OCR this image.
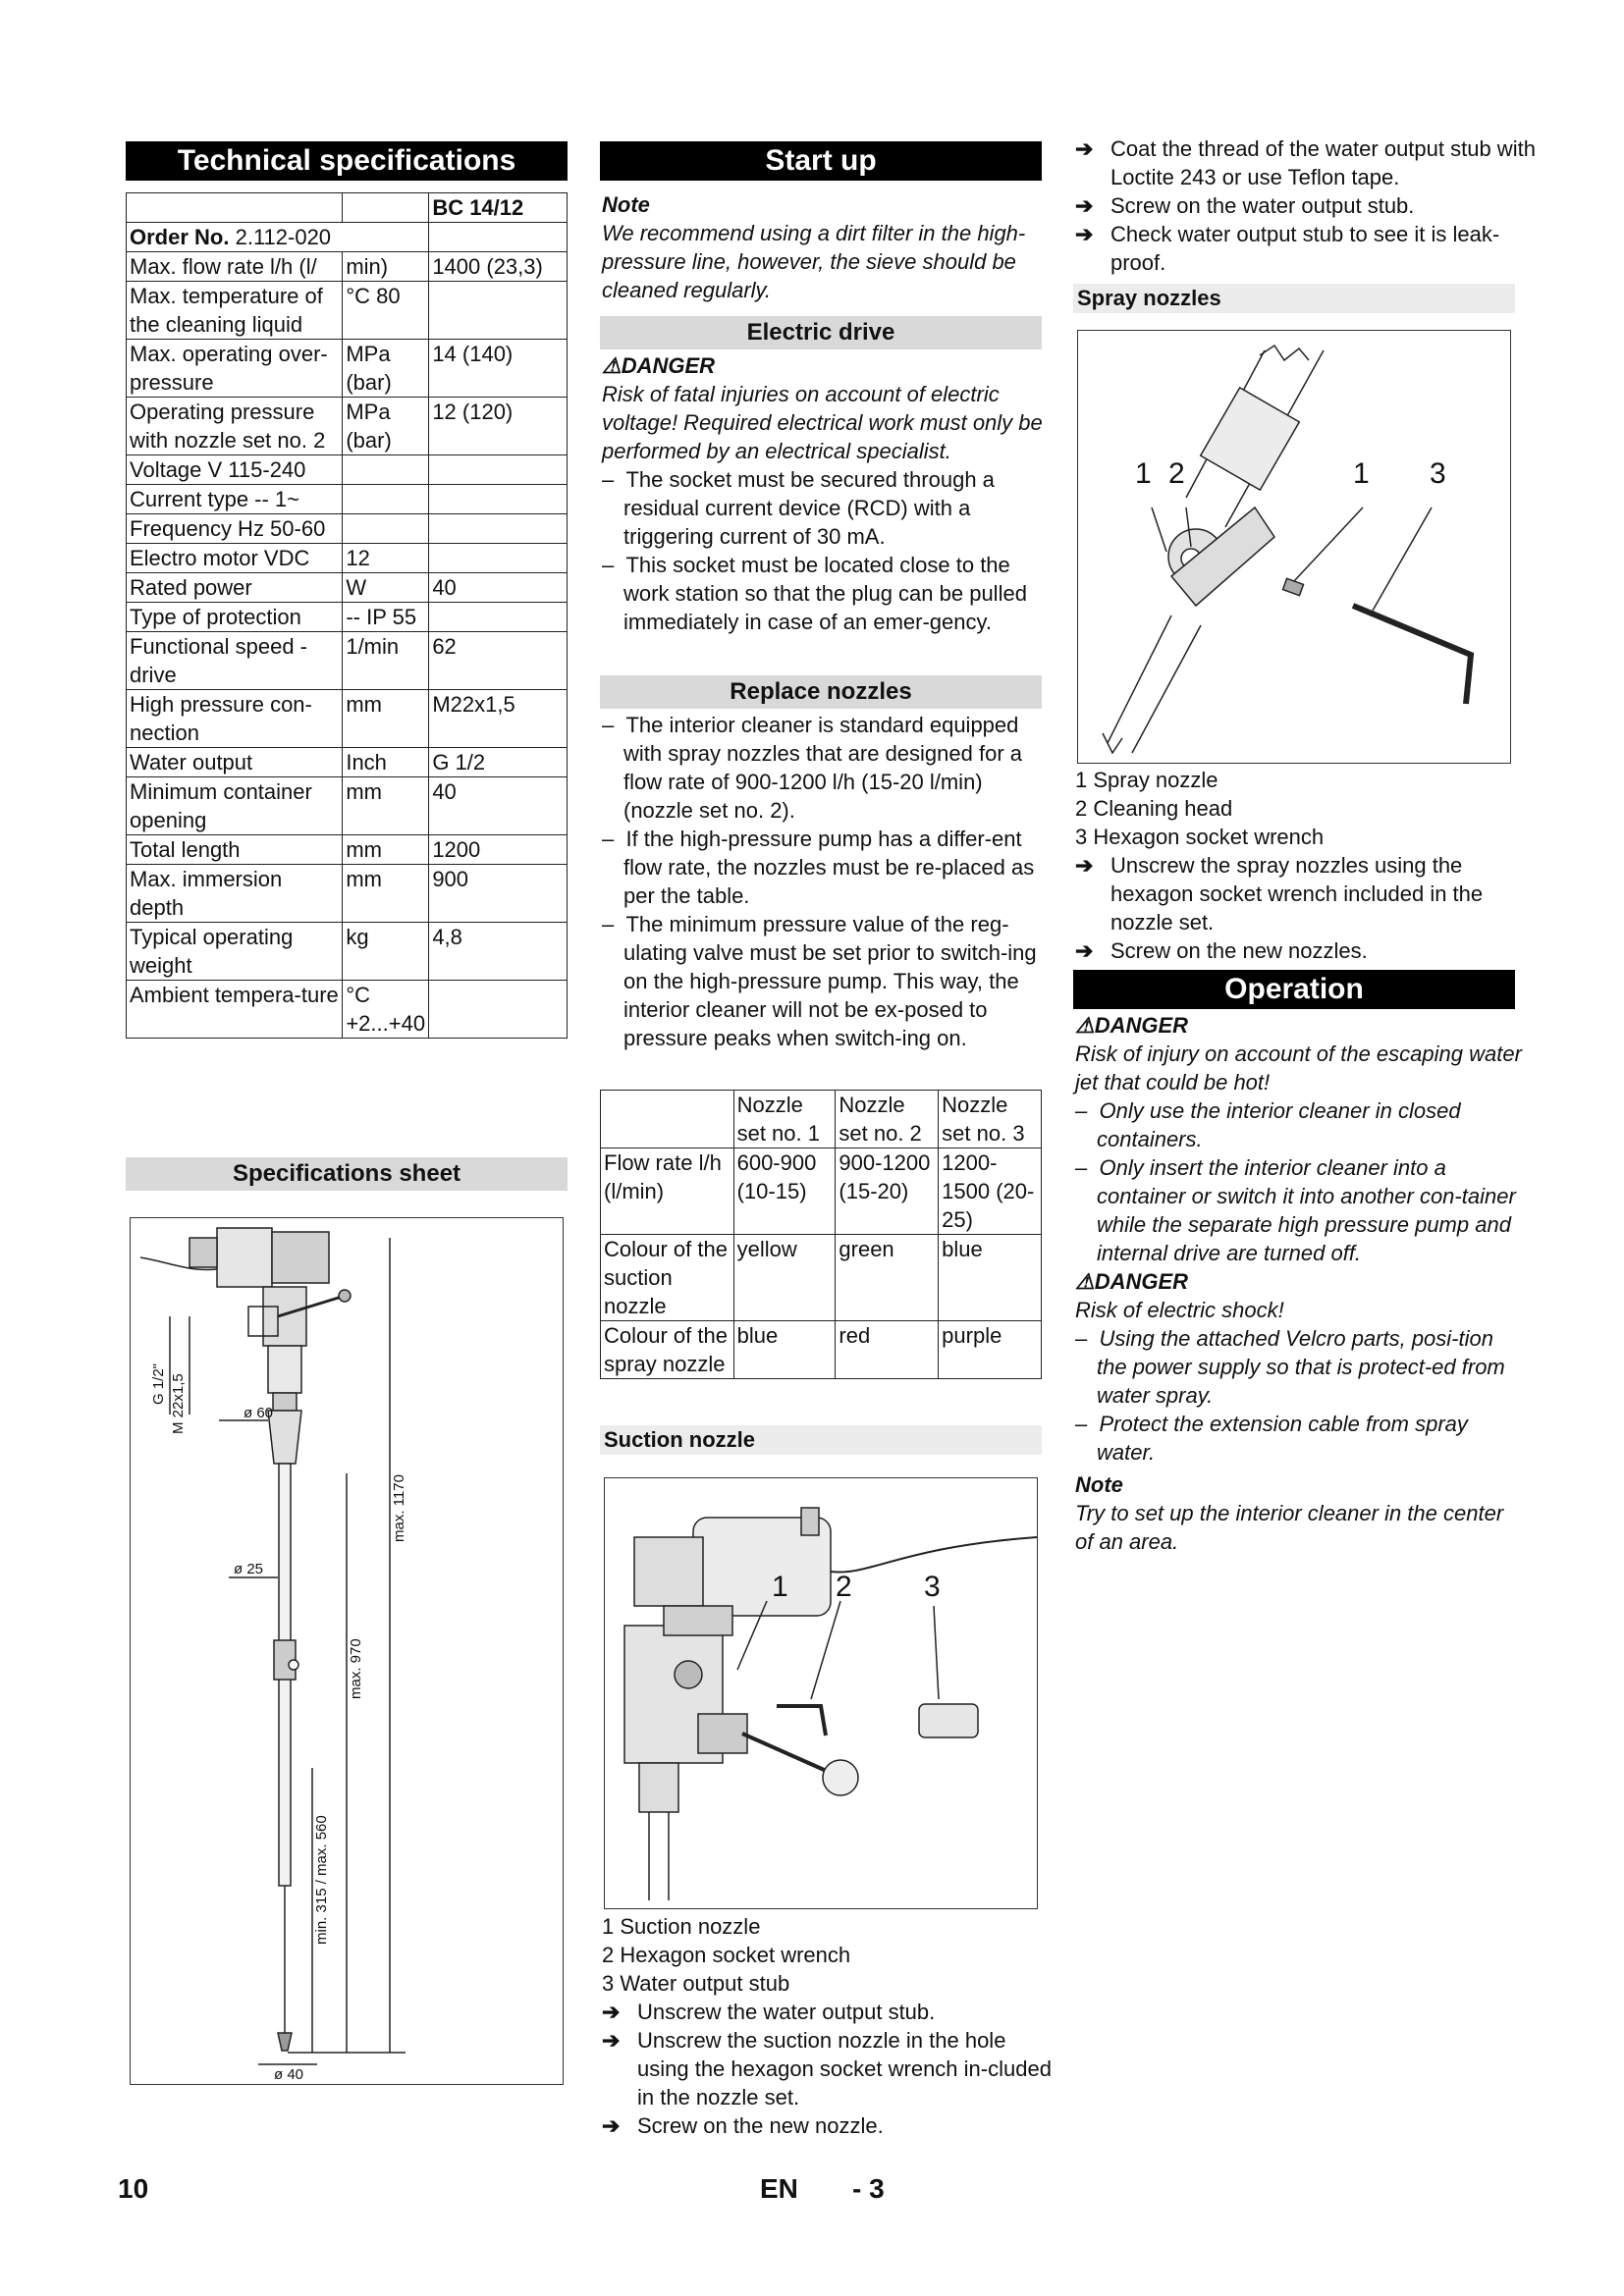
Technical specifications
		BC 14/12
Order No. 2.112-020		
Max. flow rate l/h (l/	min)	1400 (23,3)
Max. temperature of the cleaning liquid	°C 80	
Max. operating over-pressure	MPa (bar)	14 (140)
Operating pressure with nozzle set no. 2	MPa (bar)	12 (120)
Voltage V 115-240		
Current type -- 1~		
Frequency Hz 50-60		
Electro motor VDC	12	
Rated power	W	40
Type of protection	-- IP 55	
Functional speed - drive	1/min	62
High pressure con-nection	mm	M22x1,5
Water output	Inch	G 1/2
Minimum container opening	mm	40
Total length	mm	1200
Max. immersion depth	mm	900
Typical operating weight	kg	4,8
Ambient tempera-ture	°C +2...+40	
Specifications sheet
G 1/2" M 22x1,5	ø 60
ø 25
ø 40
max. 1170
max. 970
min. 315 / max. 560
Start up
Note
We recommend using a dirt filter in the high-pressure line, however, the sieve should be cleaned regularly.
Electric drive
⚠DANGER
Risk of fatal injuries on account of electric voltage! Required electrical work must only be performed by an electrical specialist.
–  The socket must be secured through a residual current device (RCD) with a triggering current of 30 mA.
–  This socket must be located close to the work station so that the plug can be pulled immediately in case of an emer-gency.
Replace nozzles
–  The interior cleaner is standard equipped with spray nozzles that are designed for a flow rate of 900-1200 l/h (15-20 l/min) (nozzle set no. 2).
–  If the high-pressure pump has a differ-ent flow rate, the nozzles must be re-placed as per the table.
–  The minimum pressure value of the reg-ulating valve must be set prior to switch-ing on the high-pressure pump. This way, the interior cleaner will not be ex-posed to pressure peaks when switch-ing on.
	Nozzle set no. 1	Nozzle set no. 2	Nozzle set no. 3
Flow rate l/h (l/min)	600-900 (10-15)	900-1200 (15-20)	1200-1500 (20-25)
Colour of the suction nozzle	yellow	green	blue
Colour of the spray nozzle	blue	red	purple
Suction nozzle
1 2 3
1 Suction nozzle
2 Hexagon socket wrench
3 Water output stub
➔ Unscrew the water output stub.
➔ Unscrew the suction nozzle in the hole using the hexagon socket wrench in-cluded in the nozzle set.
➔ Screw on the new nozzle.
➔ Coat the thread of the water output stub with Loctite 243 or use Teflon tape.
➔ Screw on the water output stub.
➔ Check water output stub to see it is leak-proof.
Spray nozzles
1 2	1 3
1 Spray nozzle
2 Cleaning head
3 Hexagon socket wrench
➔ Unscrew the spray nozzles using the hexagon socket wrench included in the nozzle set.
➔ Screw on the new nozzles.
Operation
⚠DANGER
Risk of injury on account of the escaping water jet that could be hot!
–  Only use the interior cleaner in closed containers.
–  Only insert the interior cleaner into a container or switch it into another con-tainer while the separate high pressure pump and internal drive are turned off.
⚠DANGER
Risk of electric shock!
–  Using the attached Velcro parts, posi-tion the power supply so that is protect-ed from water spray.
–  Protect the extension cable from spray water.
Note
Try to set up the interior cleaner in the center of an area.
10	EN - 3
